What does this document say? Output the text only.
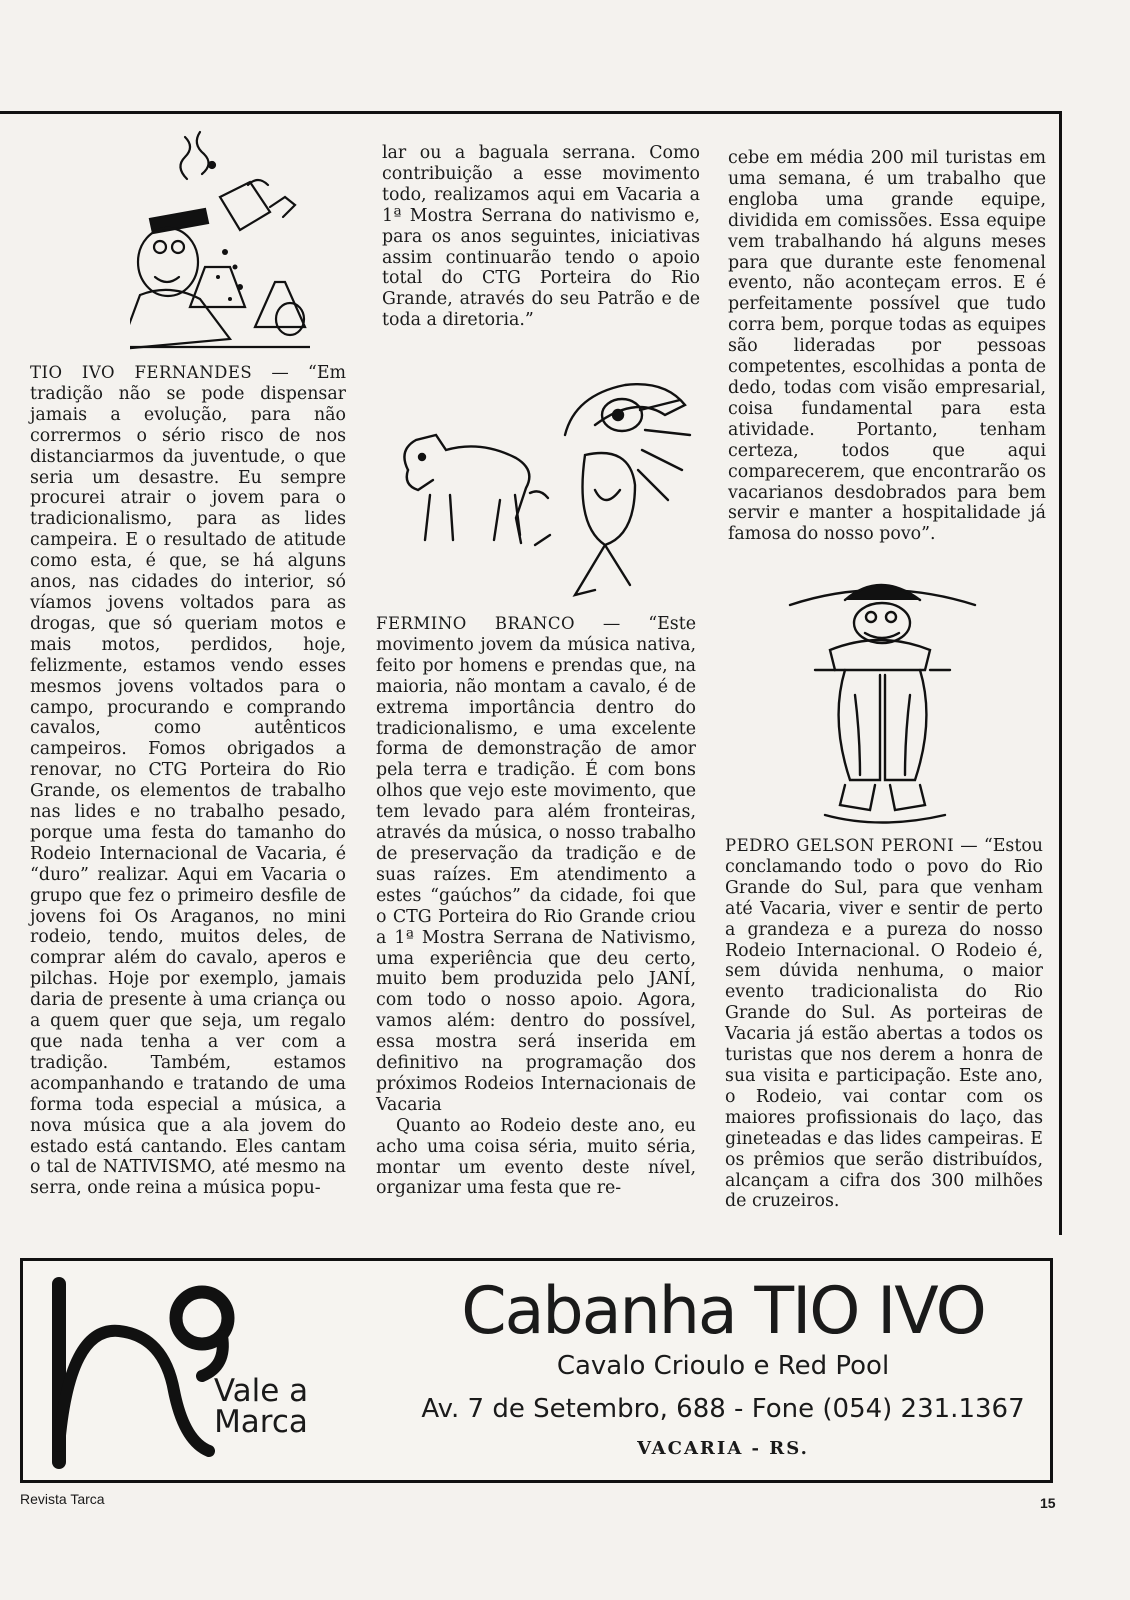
TIO IVO FERNANDES — “Em tradição não se pode dispensar jamais a evolução, para não corrermos o sério risco de nos distanciarmos da juventude, o que seria um desastre. Eu sempre procurei atrair o jovem para o tradicionalismo, para as lides campeira. E o resultado de atitude como esta, é que, se há alguns anos, nas cidades do interior, só víamos jovens voltados para as drogas, que só queriam motos e mais motos, perdidos, hoje, felizmente, estamos vendo esses mesmos jovens voltados para o campo, procurando e comprando cavalos, como autênticos campeiros. Fomos obrigados a renovar, no CTG Porteira do Rio Grande, os elementos de trabalho nas lides e no trabalho pesado, porque uma festa do tamanho do Rodeio Internacional de Vacaria, é “duro” realizar. Aqui em Vacaria o grupo que fez o primeiro desfile de jovens foi Os Araganos, no mini rodeio, tendo, muitos deles, de comprar além do cavalo, aperos e pilchas. Hoje por exemplo, jamais daria de presente à uma criança ou a quem quer que seja, um regalo que nada tenha a ver com a tradição. Também, estamos acompanhando e tratando de uma forma toda especial a música, a nova música que a ala jovem do estado está cantando. Eles cantam o tal de NATIVISMO, até mesmo na serra, onde reina a música popu-

lar ou a baguala serrana. Como contribuição a esse movimento todo, realizamos aqui em Vacaria a 1ª Mostra Serrana do nativismo e, para os anos seguintes, iniciativas assim continuarão tendo o apoio total do CTG Porteira do Rio Grande, através do seu Patrão e de toda a diretoria.”

FERMINO BRANCO — “Este movimento jovem da música nativa, feito por homens e prendas que, na maioria, não montam a cavalo, é de extrema importância dentro do tradicionalismo, e uma excelente forma de demonstração de amor pela terra e tradição. É com bons olhos que vejo este movimento, que tem levado para além fronteiras, através da música, o nosso trabalho de preservação da tradição e de suas raízes. Em atendimento a estes “gaúchos” da cidade, foi que o CTG Porteira do Rio Grande criou a 1ª Mostra Serrana de Nativismo, uma experiência que deu certo, muito bem produzida pelo JANÍ, com todo o nosso apoio. Agora, vamos além: dentro do possível, essa mostra será inserida em definitivo na programação dos próximos Rodeios Internacionais de Vacaria

Quanto ao Rodeio deste ano, eu acho uma coisa séria, muito séria, montar um evento deste nível, organizar uma festa que re-

cebe em média 200 mil turistas em uma semana, é um trabalho que engloba uma grande equipe, dividida em comissões. Essa equipe vem trabalhando há alguns meses para que durante este fenomenal evento, não aconteçam erros. E é perfeitamente possível que tudo corra bem, porque todas as equipes são lideradas por pessoas competentes, escolhidas a ponta de dedo, todas com visão empresarial, coisa fundamental para esta atividade. Portanto, tenham certeza, todos que aqui comparecerem, que encontrarão os vacarianos desdobrados para bem servir e manter a hospitalidade já famosa do nosso povo”.

PEDRO GELSON PERONI — “Estou conclamando todo o povo do Rio Grande do Sul, para que venham até Vacaria, viver e sentir de perto a grandeza e a pureza do nosso Rodeio Internacional. O Rodeio é, sem dúvida nenhuma, o maior evento tradicionalista do Rio Grande do Sul. As porteiras de Vacaria já estão abertas a todos os turistas que nos derem a honra de sua visita e participação. Este ano, o Rodeio, vai contar com os maiores profissionais do laço, das gineteadas e das lides campeiras. E os prêmios que serão distribuídos, alcançam a cifra dos 300 milhões de cruzeiros.

Vale a
Marca
Cabanha TIO IVO
Cavalo Crioulo e Red Pool
Av. 7 de Setembro, 688 - Fone (054) 231.1367
VACARIA - RS.
Revista Tarca	15
